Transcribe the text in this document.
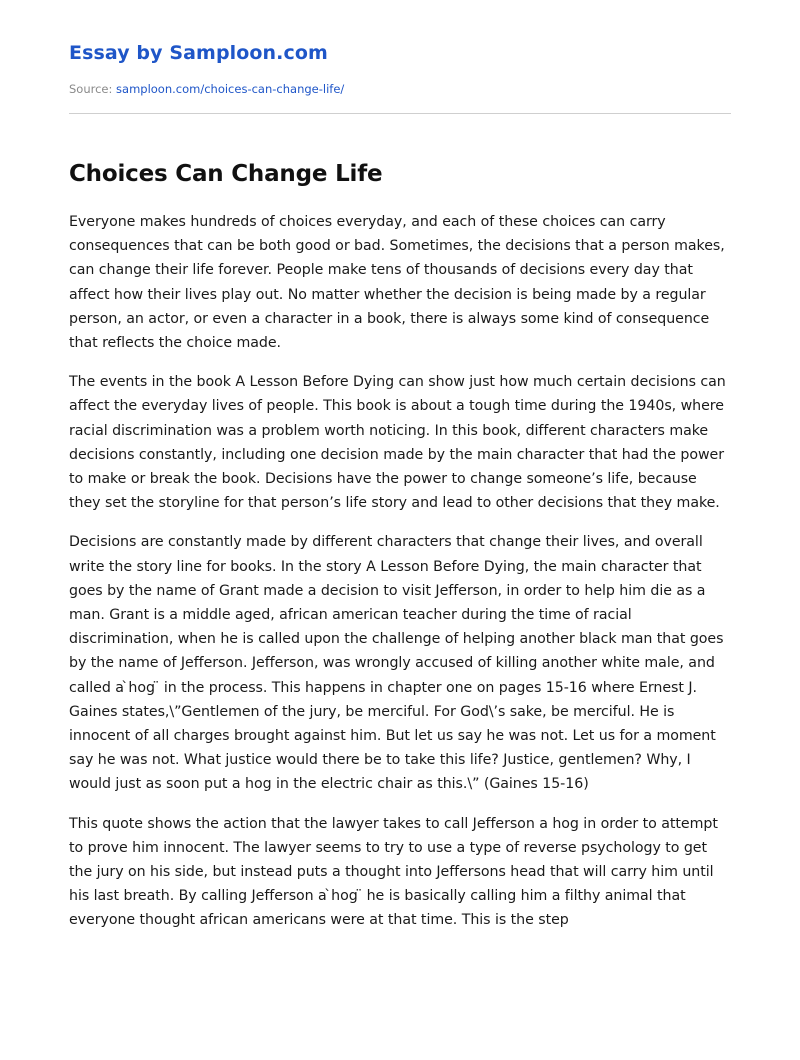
Essay by Samploon.com

Source: samploon.com/choices-can-change-life/

Choices Can Change Life

Everyone makes hundreds of choices everyday, and each of these choices can carry consequences that can be both good or bad. Sometimes, the decisions that a person makes, can change their life forever. People make tens of thousands of decisions every day that affect how their lives play out. No matter whether the decision is being made by a regular person, an actor, or even a character in a book, there is always some kind of consequence that reflects the choice made.

The events in the book A Lesson Before Dying can show just how much certain decisions can affect the everyday lives of people. This book is about a tough time during the 1940s, where racial discrimination was a problem worth noticing. In this book, different characters make decisions constantly, including one decision made by the main character that had the power to make or break the book. Decisions have the power to change someone’s life, because they set the storyline for that person’s life story and lead to other decisions that they make.

Decisions are constantly made by different characters that change their lives, and overall write the story line for books. In the story A Lesson Before Dying, the main character that goes by the name of Grant made a decision to visit Jefferson, in order to help him die as a man. Grant is a middle aged, african american teacher during the time of racial discrimination, when he is called upon the challenge of helping another black man that goes by the name of Jefferson. Jefferson, was wrongly accused of killing another white male, and called a ̀hog ̈ in the process. This happens in chapter one on pages 15-16 where Ernest J. Gaines states,\”Gentlemen of the jury, be merciful. For God\’s sake, be merciful. He is innocent of all charges brought against him. But let us say he was not. Let us for a moment say he was not. What justice would there be to take this life? Justice, gentlemen? Why, I would just as soon put a hog in the electric chair as this.\” (Gaines 15-16)

This quote shows the action that the lawyer takes to call Jefferson a hog in order to attempt to prove him innocent. The lawyer seems to try to use a type of reverse psychology to get the jury on his side, but instead puts a thought into Jeffersons head that will carry him until his last breath. By calling Jefferson a ̀hog ̈ he is basically calling him a filthy animal that everyone thought african americans were at that time. This is the step
